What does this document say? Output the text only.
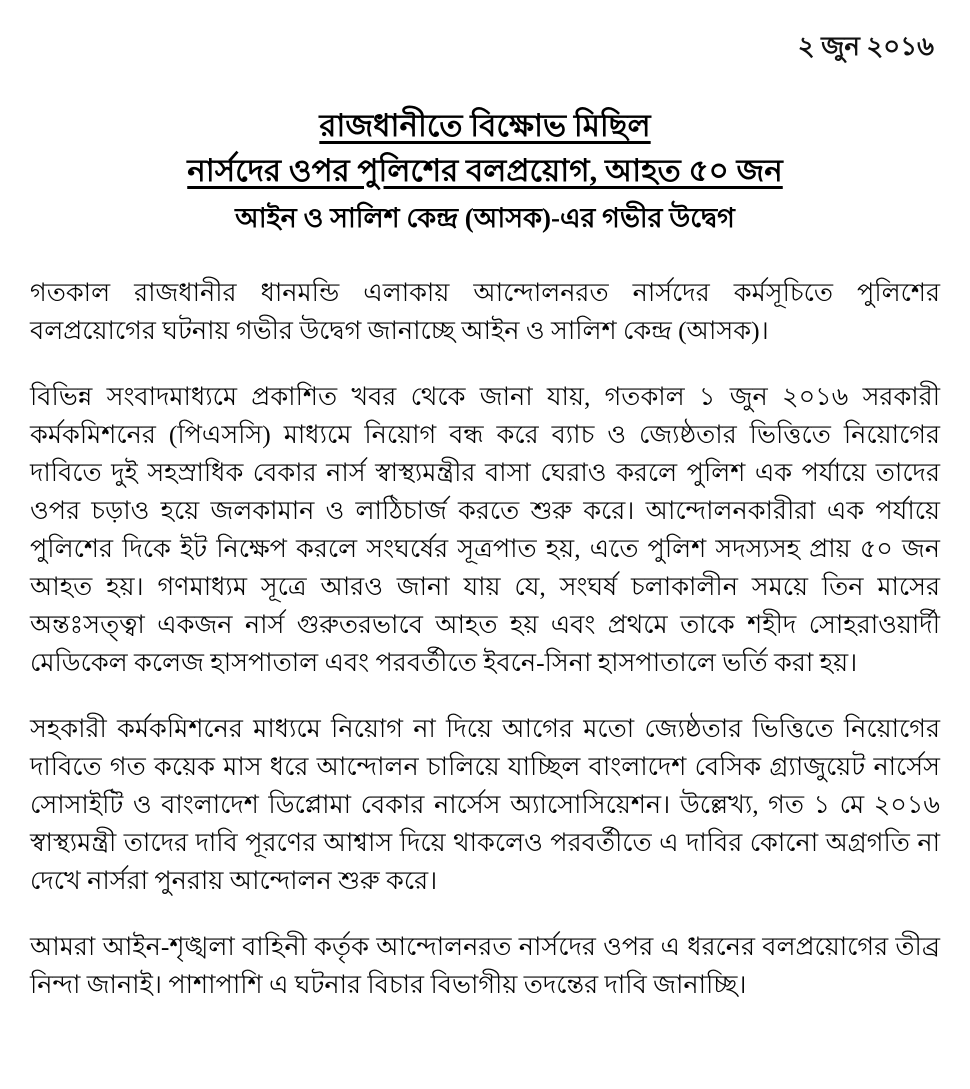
২ জুন ২০১৬
রাজধানীতে বিক্ষোভ মিছিল
নার্সদের ওপর পুলিশের বলপ্রয়োগ, আহত ৫০ জন
আইন ও সালিশ কেন্দ্র (আসক)-এর গভীর উদ্বেগ

গতকাল রাজধানীর ধানমন্ডি এলাকায় আন্দোলনরত নার্সদের কর্মসূচিতে পুলিশের বলপ্রয়োগের ঘটনায় গভীর উদ্বেগ জানাচ্ছে আইন ও সালিশ কেন্দ্র (আসক)।

বিভিন্ন সংবাদমাধ্যমে প্রকাশিত খবর থেকে জানা যায়, গতকাল ১ জুন ২০১৬ সরকারী কর্মকমিশনের (পিএসসি) মাধ্যমে নিয়োগ বন্ধ করে ব্যাচ ও জ্যেষ্ঠতার ভিত্তিতে নিয়োগের দাবিতে দুই সহস্রাধিক বেকার নার্স স্বাস্থ্যমন্ত্রীর বাসা ঘেরাও করলে পুলিশ এক পর্যায়ে তাদের ওপর চড়াও হয়ে জলকামান ও লাঠিচার্জ করতে শুরু করে। আন্দোলনকারীরা এক পর্যায়ে পুলিশের দিকে ইট নিক্ষেপ করলে সংঘর্ষের সূত্রপাত হয়, এতে পুলিশ সদস্যসহ প্রায় ৫০ জন আহত হয়। গণমাধ্যম সূত্রে আরও জানা যায় যে, সংঘর্ষ চলাকালীন সময়ে তিন মাসের অন্তঃসত্ত্বা একজন নার্স গুরুতরভাবে আহত হয় এবং প্রথমে তাকে শহীদ সোহরাওয়ার্দী মেডিকেল কলেজ হাসপাতাল এবং পরবর্তীতে ইবনে-সিনা হাসপাতালে ভর্তি করা হয়।

সহকারী কর্মকমিশনের মাধ্যমে নিয়োগ না দিয়ে আগের মতো জ্যেষ্ঠতার ভিত্তিতে নিয়োগের দাবিতে গত কয়েক মাস ধরে আন্দোলন চালিয়ে যাচ্ছিল বাংলাদেশ বেসিক গ্র্যাজুয়েট নার্সেস সোসাইটি ও বাংলাদেশ ডিপ্লোমা বেকার নার্সেস অ্যাসোসিয়েশন। উল্লেখ্য, গত ১ মে ২০১৬ স্বাস্থ্যমন্ত্রী তাদের দাবি পূরণের আশ্বাস দিয়ে থাকলেও পরবর্তীতে এ দাবির কোনো অগ্রগতি না দেখে নার্সরা পুনরায় আন্দোলন শুরু করে।

আমরা আইন-শৃঙ্খলা বাহিনী কর্তৃক আন্দোলনরত নার্সদের ওপর এ ধরনের বলপ্রয়োগের তীব্র নিন্দা জানাই। পাশাপাশি এ ঘটনার বিচার বিভাগীয় তদন্তের দাবি জানাচ্ছি।
